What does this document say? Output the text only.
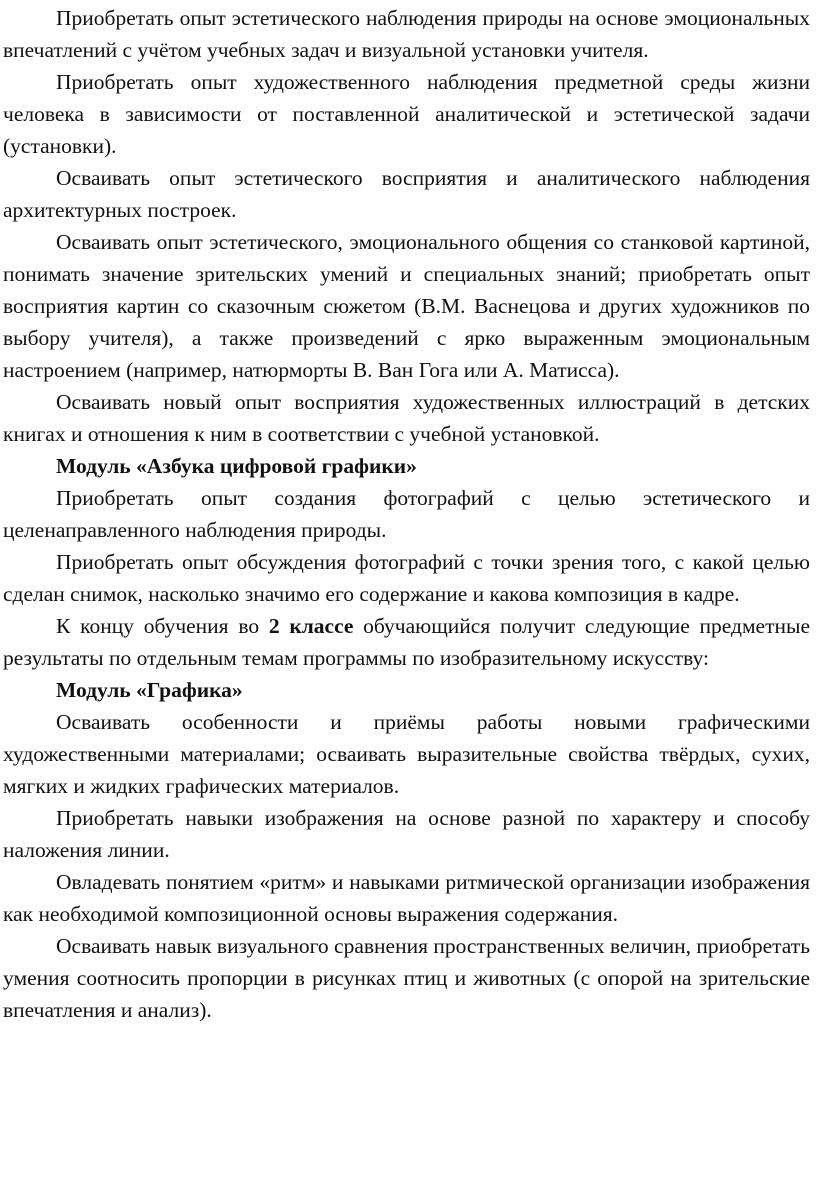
Приобретать опыт эстетического наблюдения природы на основе эмоциональных впечатлений с учётом учебных задач и визуальной установки учителя.

Приобретать опыт художественного наблюдения предметной среды жизни человека в зависимости от поставленной аналитической и эстетической задачи (установки).

Осваивать опыт эстетического восприятия и аналитического наблюдения архитектурных построек.

Осваивать опыт эстетического, эмоционального общения со станковой картиной, понимать значение зрительских умений и специальных знаний; приобретать опыт восприятия картин со сказочным сюжетом (В.М. Васнецова и других художников по выбору учителя), а также произведений с ярко выраженным эмоциональным настроением (например, натюрморты В. Ван Гога или А. Матисса).

Осваивать новый опыт восприятия художественных иллюстраций в детских книгах и отношения к ним в соответствии с учебной установкой.

Модуль «Азбука цифровой графики»

Приобретать опыт создания фотографий с целью эстетического и целенаправленного наблюдения природы.

Приобретать опыт обсуждения фотографий с точки зрения того, с какой целью сделан снимок, насколько значимо его содержание и какова композиция в кадре.

К концу обучения во 2 классе обучающийся получит следующие предметные результаты по отдельным темам программы по изобразительному искусству:

Модуль «Графика»

Осваивать особенности и приёмы работы новыми графическими художественными материалами; осваивать выразительные свойства твёрдых, сухих, мягких и жидких графических материалов.

Приобретать навыки изображения на основе разной по характеру и способу наложения линии.

Овладевать понятием «ритм» и навыками ритмической организации изображения как необходимой композиционной основы выражения содержания.

Осваивать навык визуального сравнения пространственных величин, приобретать умения соотносить пропорции в рисунках птиц и животных (с опорой на зрительские впечатления и анализ).
